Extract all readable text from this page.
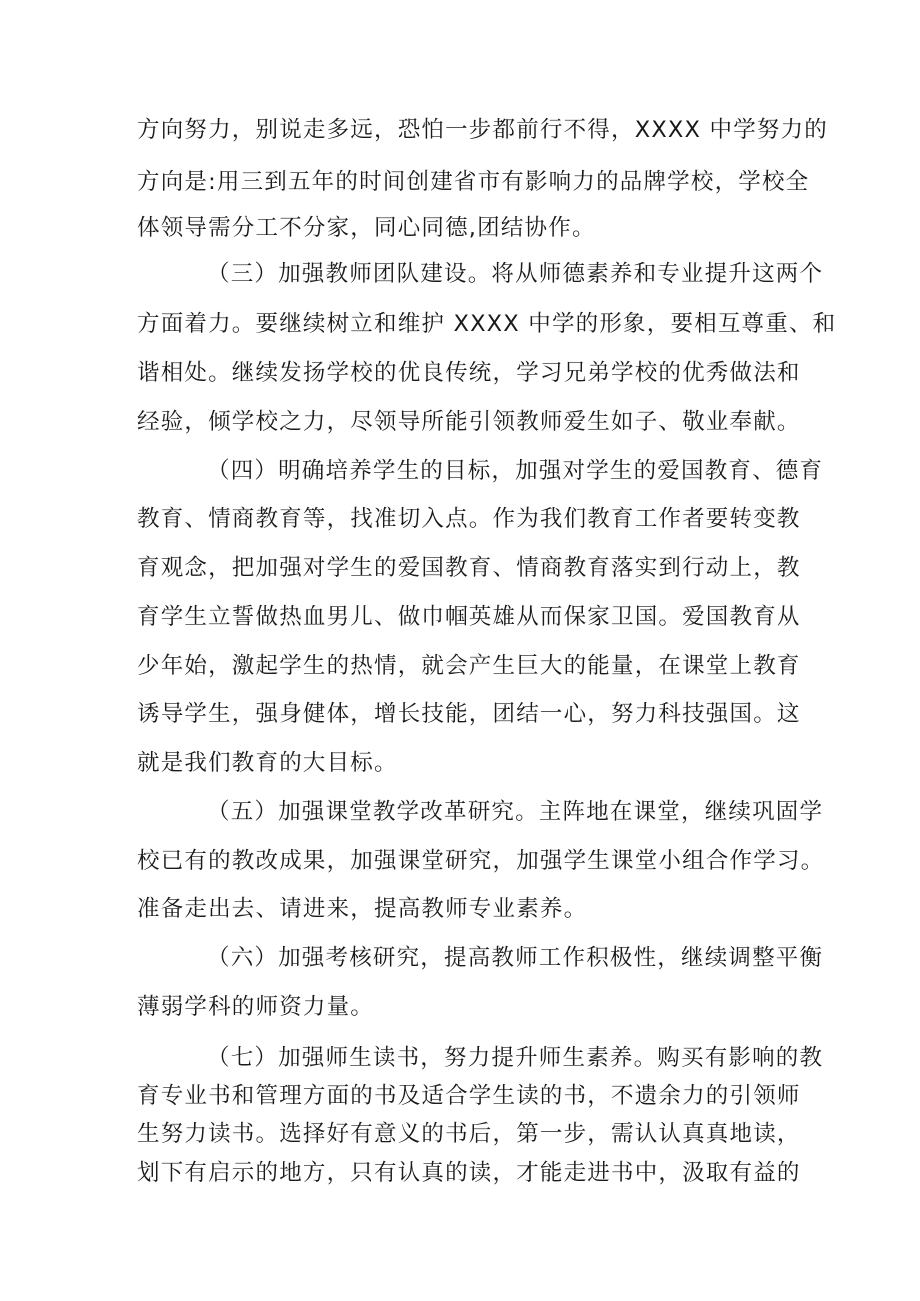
方向努力，别说走多远，恐怕一步都前行不得，XXXX 中学努力的
方向是:用三到五年的时间创建省市有影响力的品牌学校，学校全
体领导需分工不分家，同心同德,团结协作。
（三）加强教师团队建设。将从师德素养和专业提升这两个
方面着力。要继续树立和维护 XXXX 中学的形象，要相互尊重、和
谐相处。继续发扬学校的优良传统，学习兄弟学校的优秀做法和
经验，倾学校之力，尽领导所能引领教师爱生如子、敬业奉献。
（四）明确培养学生的目标，加强对学生的爱国教育、德育
教育、情商教育等，找准切入点。作为我们教育工作者要转变教
育观念，把加强对学生的爱国教育、情商教育落实到行动上，教
育学生立誓做热血男儿、做巾帼英雄从而保家卫国。爱国教育从
少年始，激起学生的热情，就会产生巨大的能量，在课堂上教育
诱导学生，强身健体，增长技能，团结一心，努力科技强国。这
就是我们教育的大目标。
（五）加强课堂教学改革研究。主阵地在课堂，继续巩固学
校已有的教改成果，加强课堂研究，加强学生课堂小组合作学习。
准备走出去、请进来，提高教师专业素养。
（六）加强考核研究，提高教师工作积极性，继续调整平衡
薄弱学科的师资力量。
（七）加强师生读书，努力提升师生素养。购买有影响的教
育专业书和管理方面的书及适合学生读的书，不遗余力的引领师
生努力读书。选择好有意义的书后，第一步，需认认真真地读，
划下有启示的地方，只有认真的读，才能走进书中，汲取有益的
